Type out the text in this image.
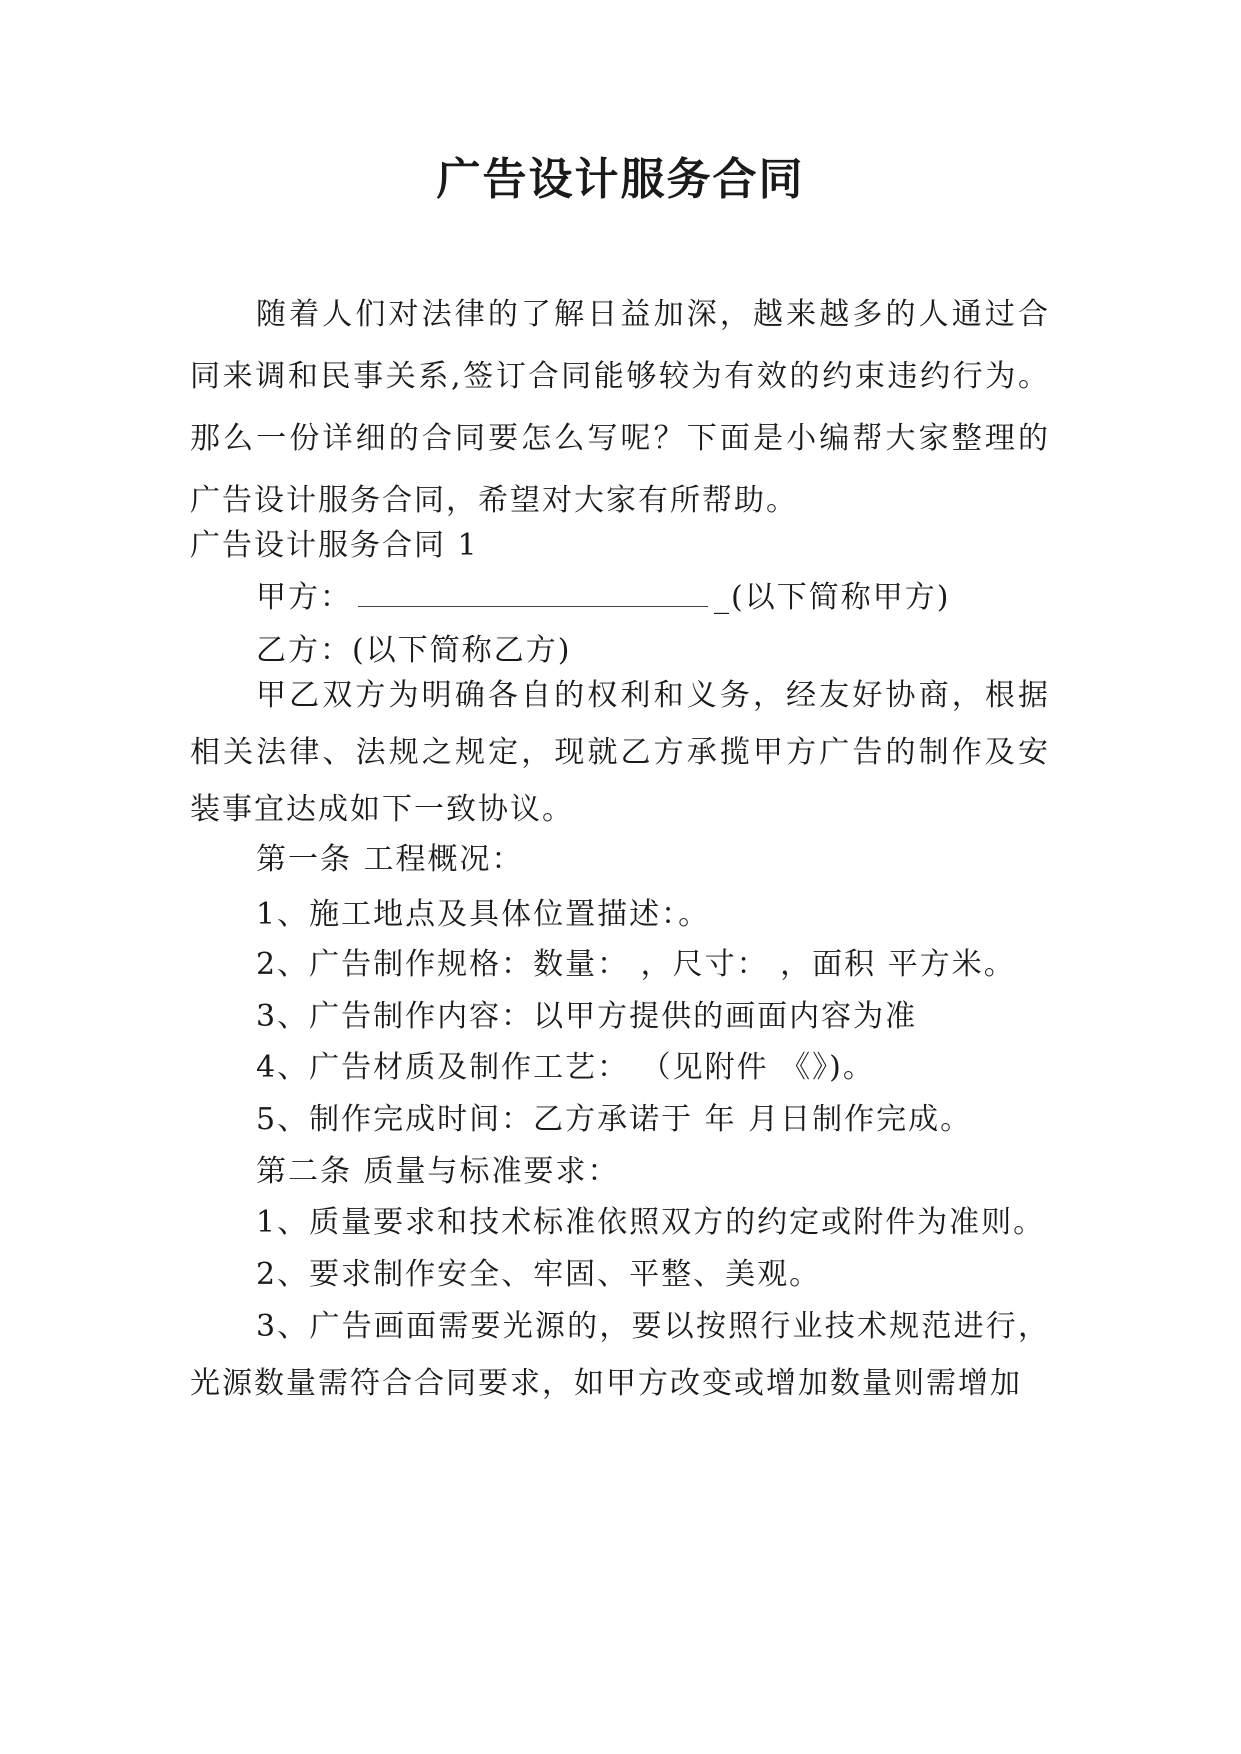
广告设计服务合同

随着人们对法律的了解日益加深，越来越多的人通过合同来调和民事关系,签订合同能够较为有效的约束违约行为。那么一份详细的合同要怎么写呢？下面是小编帮大家整理的广告设计服务合同，希望对大家有所帮助。

广告设计服务合同 1
甲方：	_(以下简称甲方)
乙方：(以下简称乙方)

甲乙双方为明确各自的权利和义务，经友好协商，根据相关法律、法规之规定，现就乙方承揽甲方广告的制作及安装事宜达成如下一致协议。

第一条 工程概况：
1、施工地点及具体位置描述：。
2、广告制作规格：数量： ，尺寸： ，面积 平方米。
3、广告制作内容：以甲方提供的画面内容为准
4、广告材质及制作工艺： （见附件 《》)。
5、制作完成时间：乙方承诺于 年 月日制作完成。
第二条 质量与标准要求：
1、质量要求和技术标准依照双方的约定或附件为准则。
2、要求制作安全、牢固、平整、美观。

3、广告画面需要光源的，要以按照行业技术规范进行，光源数量需符合合同要求，如甲方改变或增加数量则需增加
